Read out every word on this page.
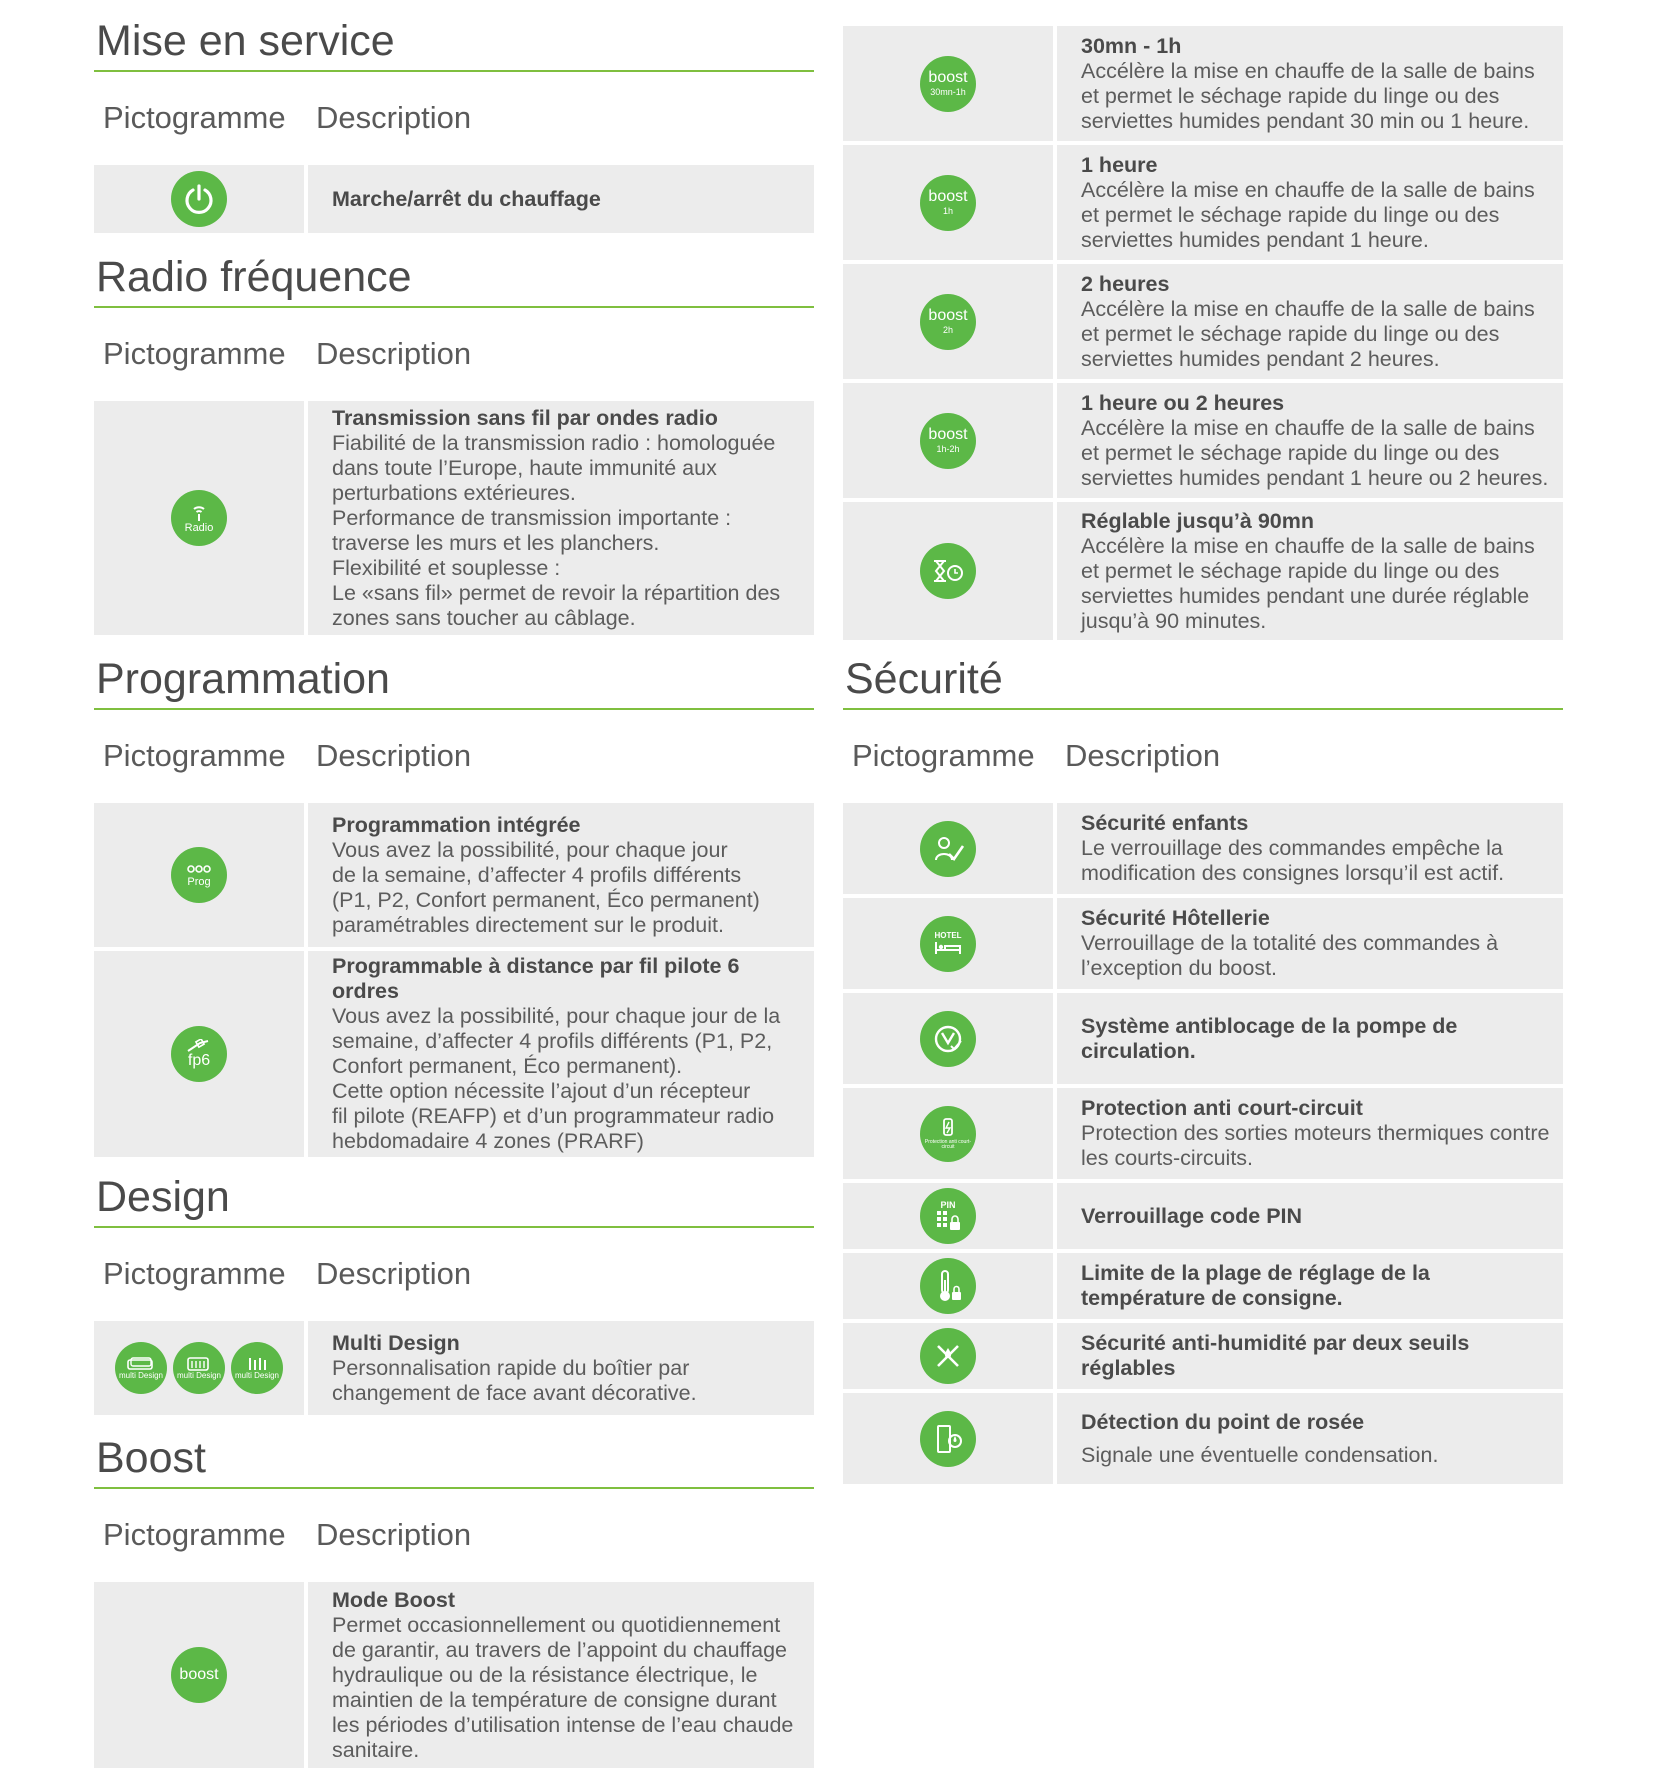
Mise en service
Pictogramme Description
Marche/arrêt du chauffage
Radio fréquence
Pictogramme Description
Radio
Transmission sans fil par ondes radio
Fiabilité de la transmission radio : homologuée
dans toute l’Europe, haute immunité aux
perturbations extérieures.
Performance de transmission importante :
traverse les murs et les planchers.
Flexibilité et souplesse :
Le «sans fil» permet de revoir la répartition des
zones sans toucher au câblage.
Programmation
Pictogramme Description
Prog
Programmation intégrée
Vous avez la possibilité, pour chaque jour
de la semaine, d’affecter 4 profils différents
(P1, P2, Confort permanent, Éco permanent)
paramétrables directement sur le produit.
fp6
Programmable à distance par fil pilote 6 ordres
Vous avez la possibilité, pour chaque jour de la
semaine, d’affecter 4 profils différents (P1, P2,
Confort permanent, Éco permanent).
Cette option nécessite l’ajout d’un récepteur
fil pilote (REAFP) et d’un programmateur radio
hebdomadaire 4 zones (PRARF)
Design
Pictogramme Description
multi Design multi Design multi Design
Multi Design
Personnalisation rapide du boîtier par
changement de face avant décorative.
Boost
Pictogramme Description
boost
Mode Boost
Permet occasionnellement ou quotidiennement
de garantir, au travers de l’appoint du chauffage
hydraulique ou de la résistance électrique, le
maintien de la température de consigne durant
les périodes d’utilisation intense de l’eau chaude
sanitaire.
boost
30mn-1h
30mn - 1h
Accélère la mise en chauffe de la salle de bains
et permet le séchage rapide du linge ou des
serviettes humides pendant 30 min ou 1 heure.
boost
1h
1 heure
Accélère la mise en chauffe de la salle de bains
et permet le séchage rapide du linge ou des
serviettes humides pendant 1 heure.
boost
2h
2 heures
Accélère la mise en chauffe de la salle de bains
et permet le séchage rapide du linge ou des
serviettes humides pendant 2 heures.
boost
1h-2h
1 heure ou 2 heures
Accélère la mise en chauffe de la salle de bains
et permet le séchage rapide du linge ou des
serviettes humides pendant 1 heure ou 2 heures.
Réglable jusqu’à 90mn
Accélère la mise en chauffe de la salle de bains
et permet le séchage rapide du linge ou des
serviettes humides pendant une durée réglable
jusqu’à 90 minutes.
Sécurité
Pictogramme Description
Sécurité enfants
Le verrouillage des commandes empêche la
modification des consignes lorsqu’il est actif.
HOTEL
Sécurité Hôtellerie
Verrouillage de la totalité des commandes à
l’exception du boost.
Système antiblocage de la pompe de
circulation.
Protection anti court-circuit
Protection anti court-circuit
Protection des sorties moteurs thermiques contre
les courts-circuits.
PIN	Verrouillage code PIN
Limite de la plage de réglage de la
température de consigne.
Sécurité anti-humidité par deux seuils
réglables
Détection du point de rosée
Signale une éventuelle condensation.
